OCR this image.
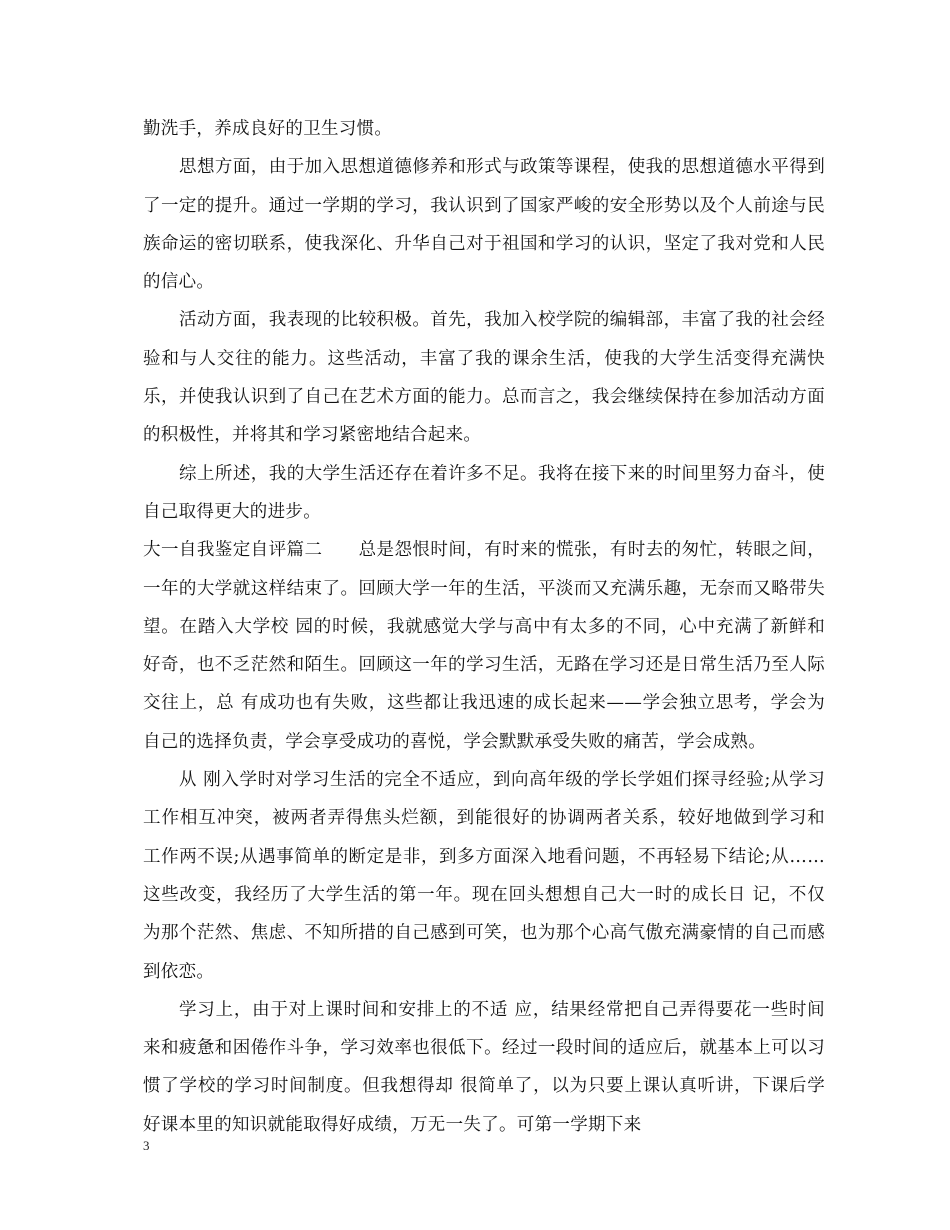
勤洗手，养成良好的卫生习惯。

思想方面，由于加入思想道德修养和形式与政策等课程，使我的思想道德水平得到了一定的提升。通过一学期的学习，我认识到了国家严峻的安全形势以及个人前途与民族命运的密切联系，使我深化、升华自己对于祖国和学习的认识，坚定了我对党和人民的信心。

活动方面，我表现的比较积极。首先，我加入校学院的编辑部，丰富了我的社会经验和与人交往的能力。这些活动，丰富了我的课余生活，使我的大学生活变得充满快乐，并使我认识到了自己在艺术方面的能力。总而言之，我会继续保持在参加活动方面的积极性，并将其和学习紧密地结合起来。

综上所述，我的大学生活还存在着许多不足。我将在接下来的时间里努力奋斗，使自己取得更大的进步。

大一自我鉴定自评篇二 总是怨恨时间，有时来的慌张，有时去的匆忙，转眼之间，一年的大学就这样结束了。回顾大学一年的生活，平淡而又充满乐趣，无奈而又略带失望。在踏入大学校 园的时候，我就感觉大学与高中有太多的不同，心中充满了新鲜和好奇，也不乏茫然和陌生。回顾这一年的学习生活，无路在学习还是日常生活乃至人际交往上，总 有成功也有失败，这些都让我迅速的成长起来——学会独立思考，学会为自己的选择负责，学会享受成功的喜悦，学会默默承受失败的痛苦，学会成熟。

从 刚入学时对学习生活的完全不适应，到向高年级的学长学姐们探寻经验;从学习工作相互冲突，被两者弄得焦头烂额，到能很好的协调两者关系，较好地做到学习和 工作两不误;从遇事简单的断定是非，到多方面深入地看问题，不再轻易下结论;从……这些改变，我经历了大学生活的第一年。现在回头想想自己大一时的成长日 记，不仅为那个茫然、焦虑、不知所措的自己感到可笑，也为那个心高气傲充满豪情的自己而感到依恋。

学习上，由于对上课时间和安排上的不适 应，结果经常把自己弄得要花一些时间来和疲惫和困倦作斗争，学习效率也很低下。经过一段时间的适应后，就基本上可以习惯了学校的学习时间制度。但我想得却 很简单了，以为只要上课认真听讲，下课后学好课本里的知识就能取得好成绩，万无一失了。可第一学期下来

3
